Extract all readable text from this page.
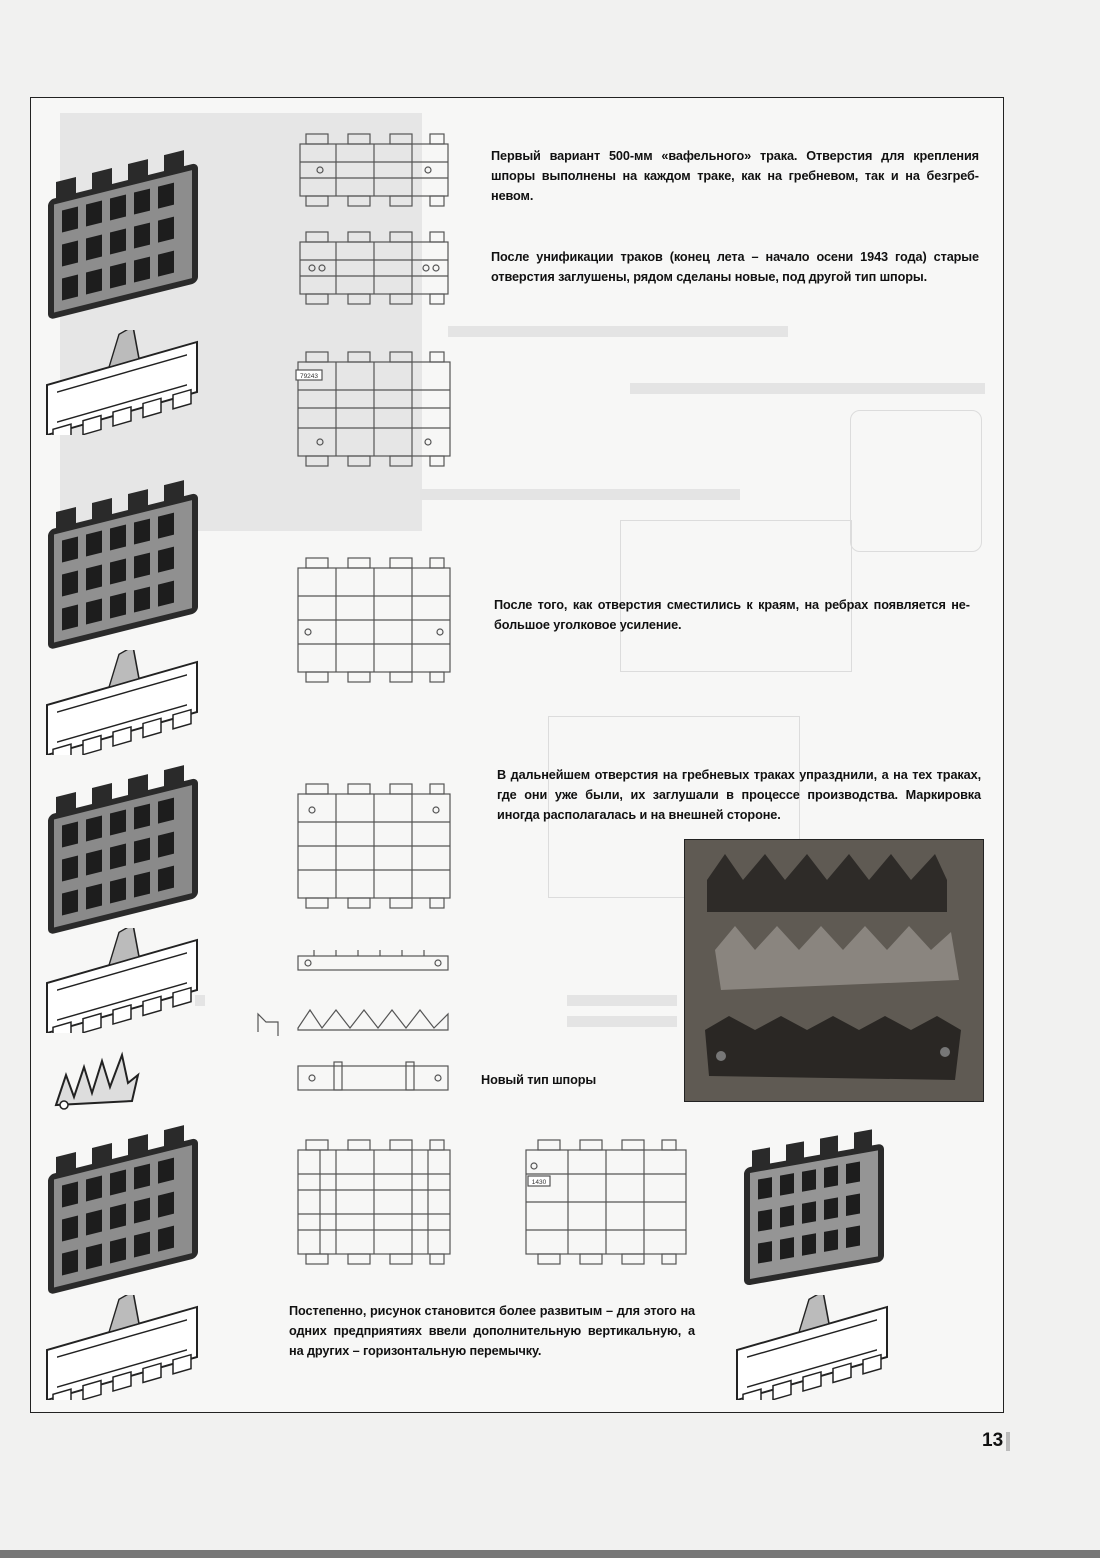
79243
1430
Первый вариант 500-мм «вафельного» трака. Отверстия для крепления шпоры выполнены на каждом траке, как на гребневом, так и на безгребневом.
После унификации траков (конец лета – начало осени 1943 года) старые отверстия заглушены, рядом сделаны новые, под другой тип шпоры.
После того, как отверстия сместились к краям, на ребрах появляется небольшое уголковое усиление.
В дальнейшем отверстия на гребневых траках упразднили, а на тех траках, где они уже были, их заглушали в процессе производства. Маркировка иногда располагалась и на внешней стороне.
Новый тип шпоры
Постепенно, рисунок становится более развитым – для этого на одних предприятиях ввели дополнительную вертикальную, а на других – горизонтальную перемычку.
13
